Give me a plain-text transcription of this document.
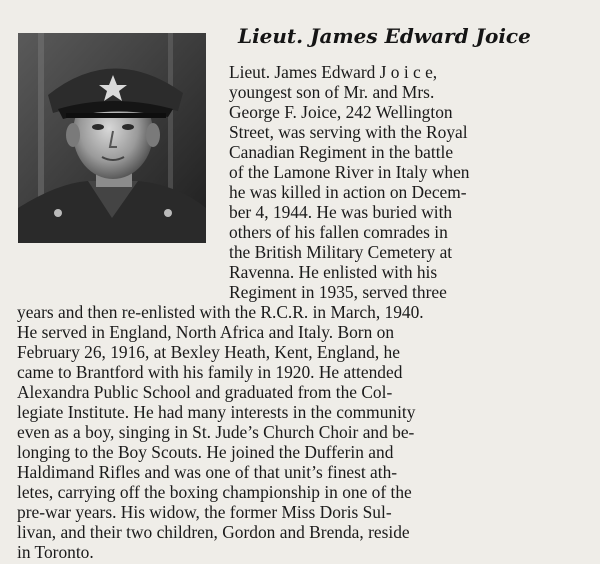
Lieut. James Edward Joice
Lieut. James Edward J o i c e,
youngest son of Mr. and Mrs.
George F. Joice, 242 Wellington
Street, was serving with the Royal
Canadian Regiment in the battle
of the Lamone River in Italy when
he was killed in action on Decem-
ber 4, 1944. He was buried with
others of his fallen comrades in
the British Military Cemetery at
Ravenna. He enlisted with his
Regiment in 1935, served three
years and then re-enlisted with the R.C.R. in March, 1940.
He served in England, North Africa and Italy. Born on
February 26, 1916, at Bexley Heath, Kent, England, he
came to Brantford with his family in 1920. He attended
Alexandra Public School and graduated from the Col-
legiate Institute. He had many interests in the community
even as a boy, singing in St. Jude’s Church Choir and be-
longing to the Boy Scouts. He joined the Dufferin and
Haldimand Rifles and was one of that unit’s finest ath-
letes, carrying off the boxing championship in one of the
pre-war years. His widow, the former Miss Doris Sul-
livan, and their two children, Gordon and Brenda, reside
in Toronto.
